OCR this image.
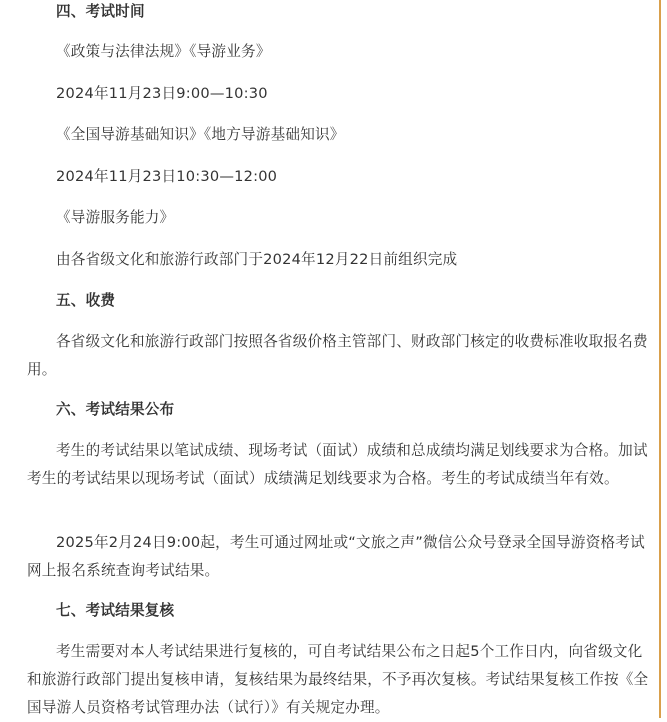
四、考试时间

《政策与法律法规》《导游业务》

2024年11月23日9:00—10:30

《全国导游基础知识》《地方导游基础知识》

2024年11月23日10:30—12:00

《导游服务能力》

由各省级文化和旅游行政部门于2024年12月22日前组织完成

五、收费

各省级文化和旅游行政部门按照各省级价格主管部门、财政部门核定的收费标准收取报名费用。

六、考试结果公布

考生的考试结果以笔试成绩、现场考试（面试）成绩和总成绩均满足划线要求为合格。加试考生的考试结果以现场考试（面试）成绩满足划线要求为合格。考生的考试成绩当年有效。

2025年2月24日9:00起，考生可通过网址或“文旅之声”微信公众号登录全国导游资格考试网上报名系统查询考试结果。

七、考试结果复核

考生需要对本人考试结果进行复核的，可自考试结果公布之日起5个工作日内，向省级文化和旅游行政部门提出复核申请，复核结果为最终结果，不予再次复核。考试结果复核工作按《全国导游人员资格考试管理办法（试行）》有关规定办理。
